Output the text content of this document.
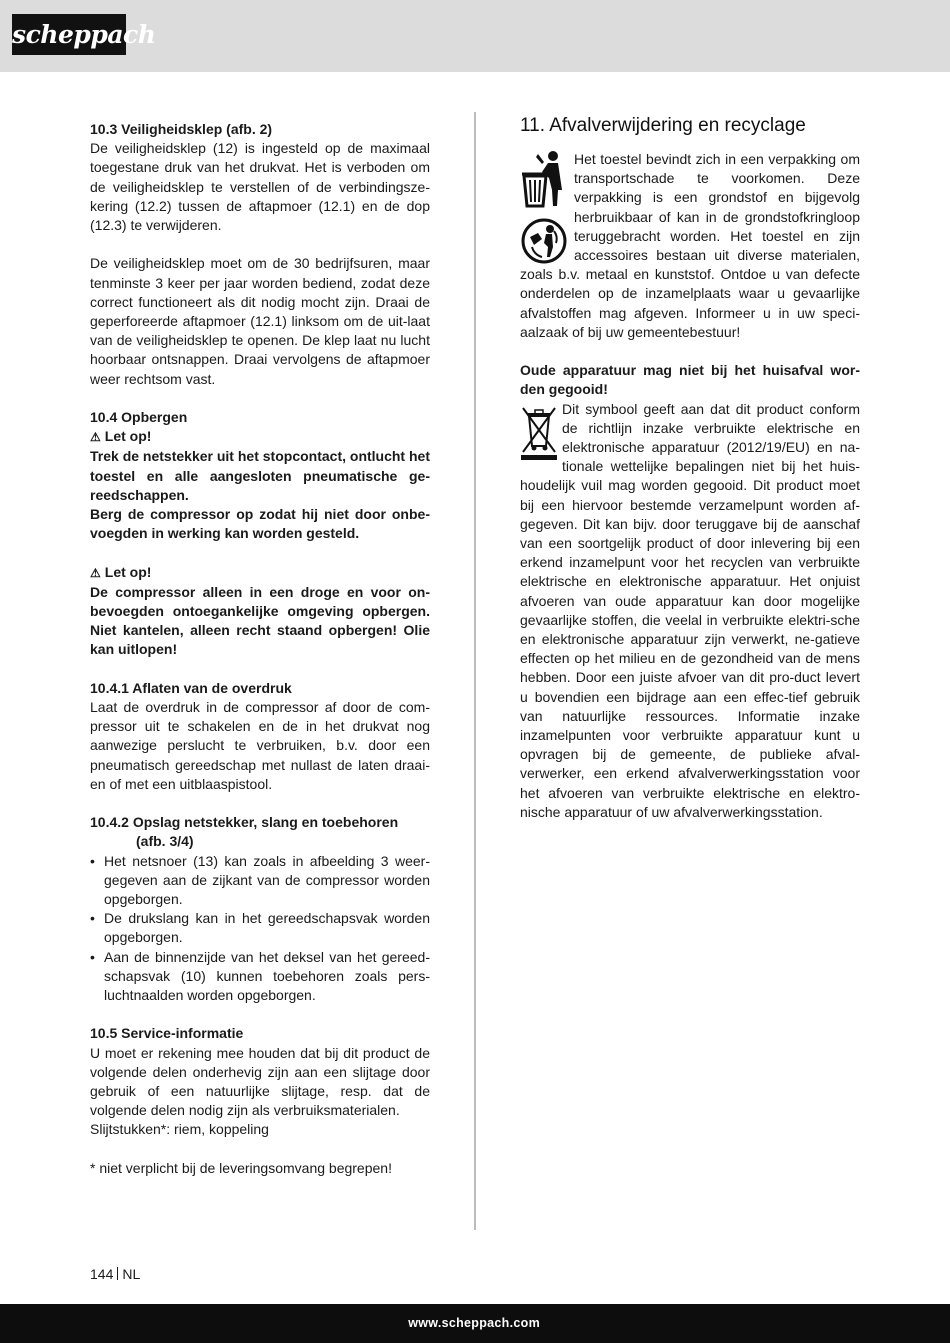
scheppach

10.3 Veiligheidsklep (afb. 2)

De veiligheidsklep (12) is ingesteld op de maximaal toegestane druk van het drukvat. Het is verboden om de veiligheidsklep te verstellen of de verbindingsze-kering (12.2) tussen de aftapmoer (12.1) en de dop (12.3) te verwijderen.

De veiligheidsklep moet om de 30 bedrijfsuren, maar tenminste 3 keer per jaar worden bediend, zodat deze correct functioneert als dit nodig mocht zijn. Draai de geperforeerde aftapmoer (12.1) linksom om de uit-laat van de veiligheidsklep te openen. De klep laat nu lucht hoorbaar ontsnappen. Draai vervolgens de aftapmoer weer rechtsom vast.

10.4 Opbergen

⚠ Let op!

Trek de netstekker uit het stopcontact, ontlucht het toestel en alle aangesloten pneumatische ge-reedschappen.

Berg de compressor op zodat hij niet door onbe-voegden in werking kan worden gesteld.

⚠ Let op!

De compressor alleen in een droge en voor on-bevoegden ontoegankelijke omgeving opbergen. Niet kantelen, alleen recht staand opbergen! Olie kan uitlopen!

10.4.1 Aflaten van de overdruk

Laat de overdruk in de compressor af door de com-pressor uit te schakelen en de in het drukvat nog aanwezige perslucht te verbruiken, b.v. door een pneumatisch gereedschap met nullast de laten draai-en of met een uitblaaspistool.

10.4.2 Opslag netstekker, slang en toebehoren

(afb. 3/4)

• Het netsnoer (13) kan zoals in afbeelding 3 weer-gegeven aan de zijkant van de compressor worden opgeborgen.
• De drukslang kan in het gereedschapsvak worden opgeborgen.
• Aan de binnenzijde van het deksel van het gereed-schapsvak (10) kunnen toebehoren zoals pers-luchtnaalden worden opgeborgen.

10.5 Service-informatie

U moet er rekening mee houden dat bij dit product de volgende delen onderhevig zijn aan een slijtage door gebruik of een natuurlijke slijtage, resp. dat de volgende delen nodig zijn als verbruiksmaterialen.

Slijtstukken*: riem, koppeling

* niet verplicht bij de leveringsomvang begrepen!

11. Afvalverwijdering en recyclage

Het toestel bevindt zich in een verpakking om transportschade te voorkomen. Deze verpakking is een grondstof en bijgevolg herbruikbaar of kan in de grondstofkringloop teruggebracht worden. Het toestel en zijn accessoires bestaan uit diverse materialen, zoals b.v. metaal en kunststof. Ontdoe u van defecte onderdelen op de inzamelplaats waar u gevaarlijke afvalstoffen mag afgeven. Informeer u in uw speci-aalzaak of bij uw gemeentebestuur!

Oude apparatuur mag niet bij het huisafval wor-den gegooid!

Dit symbool geeft aan dat dit product conform de richtlijn inzake verbruikte elektrische en elektronische apparatuur (2012/19/EU) en na-tionale wettelijke bepalingen niet bij het huis-houdelijk vuil mag worden gegooid. Dit product moet bij een hiervoor bestemde verzamelpunt worden af-gegeven. Dit kan bijv. door teruggave bij de aanschaf van een soortgelijk product of door inlevering bij een erkend inzamelpunt voor het recyclen van verbruikte elektrische en elektronische apparatuur. Het onjuist afvoeren van oude apparatuur kan door mogelijke gevaarlijke stoffen, die veelal in verbruikte elektri-sche en elektronische apparatuur zijn verwerkt, ne-gatieve effecten op het milieu en de gezondheid van de mens hebben. Door een juiste afvoer van dit pro-duct levert u bovendien een bijdrage aan een effec-tief gebruik van natuurlijke ressources. Informatie inzake inzamelpunten voor verbruikte apparatuur kunt u opvragen bij de gemeente, de publieke afval-verwerker, een erkend afvalverwerkingsstation voor het afvoeren van verbruikte elektrische en elektro-nische apparatuur of uw afvalverwerkingsstation.

144 NL
www.scheppach.com
